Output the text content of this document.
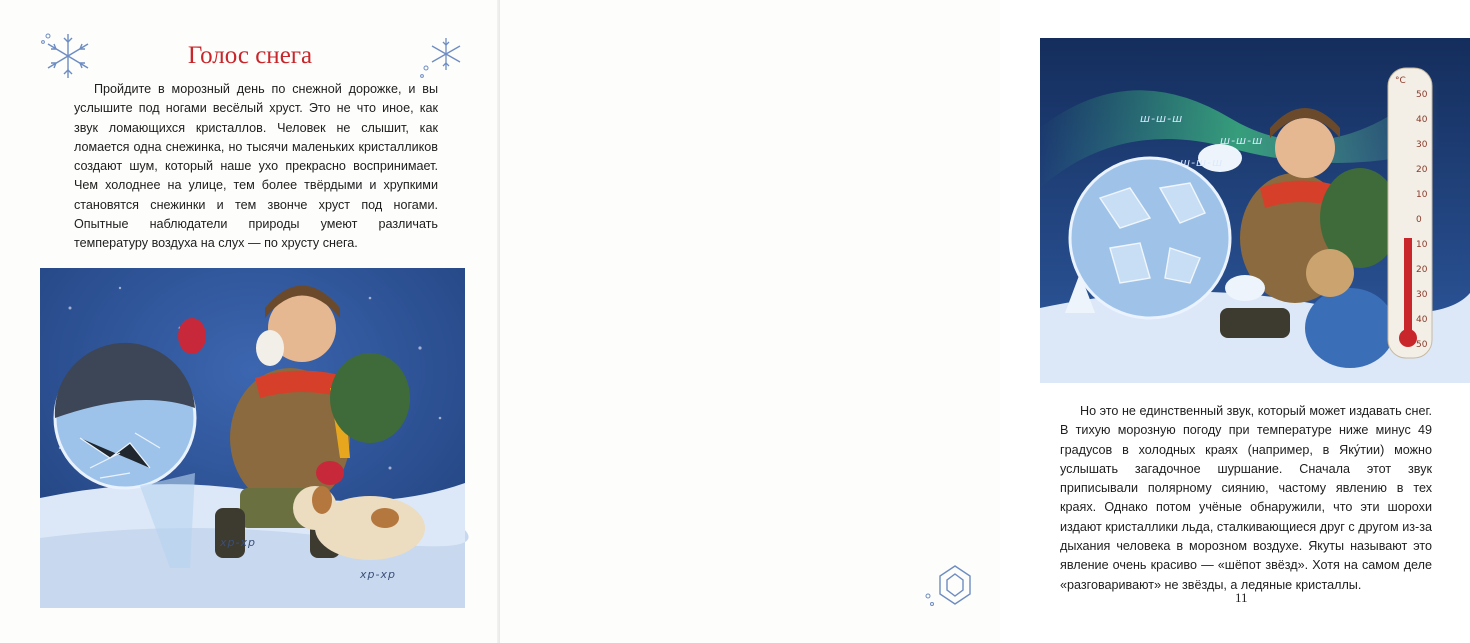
Голос снега

Пройдите в морозный день по снежной дорожке, и вы услышите под ногами весёлый хруст. Это не что иное, как звук ломающихся кристаллов. Человек не слышит, как ломается одна снежинка, но тысячи маленьких кристалликов создают шум, который наше ухо прекрасно воспринимает. Чем холоднее на улице, тем более твёрдыми и хрупкими становятся снежинки и тем звонче хруст под ногами. Опытные наблюдатели природы умеют различать температуру воздуха на слух — по хрусту снега.

хр-хр
хр-хр
ш-ш-ш
ш-ш-ш
ш-ш-ш
°C
50
40
30
20
10
0
10
20
30
40
50

Но это не единственный звук, который может издавать снег. В тихую морозную погоду при температуре ниже минус 49 градусов в холодных краях (например, в Яку́тии) можно услышать загадочное шуршание. Сначала этот звук приписывали полярному сиянию, частому явлению в тех краях. Однако потом учёные обнаружили, что эти шорохи издают кристаллики льда, сталкивающиеся друг с другом из-за дыхания человека в морозном воздухе. Якуты называют это явление очень красиво — «шёпот звёзд». Хотя на самом деле «разговаривают» не звёзды, а ледяные кристаллы.

11
